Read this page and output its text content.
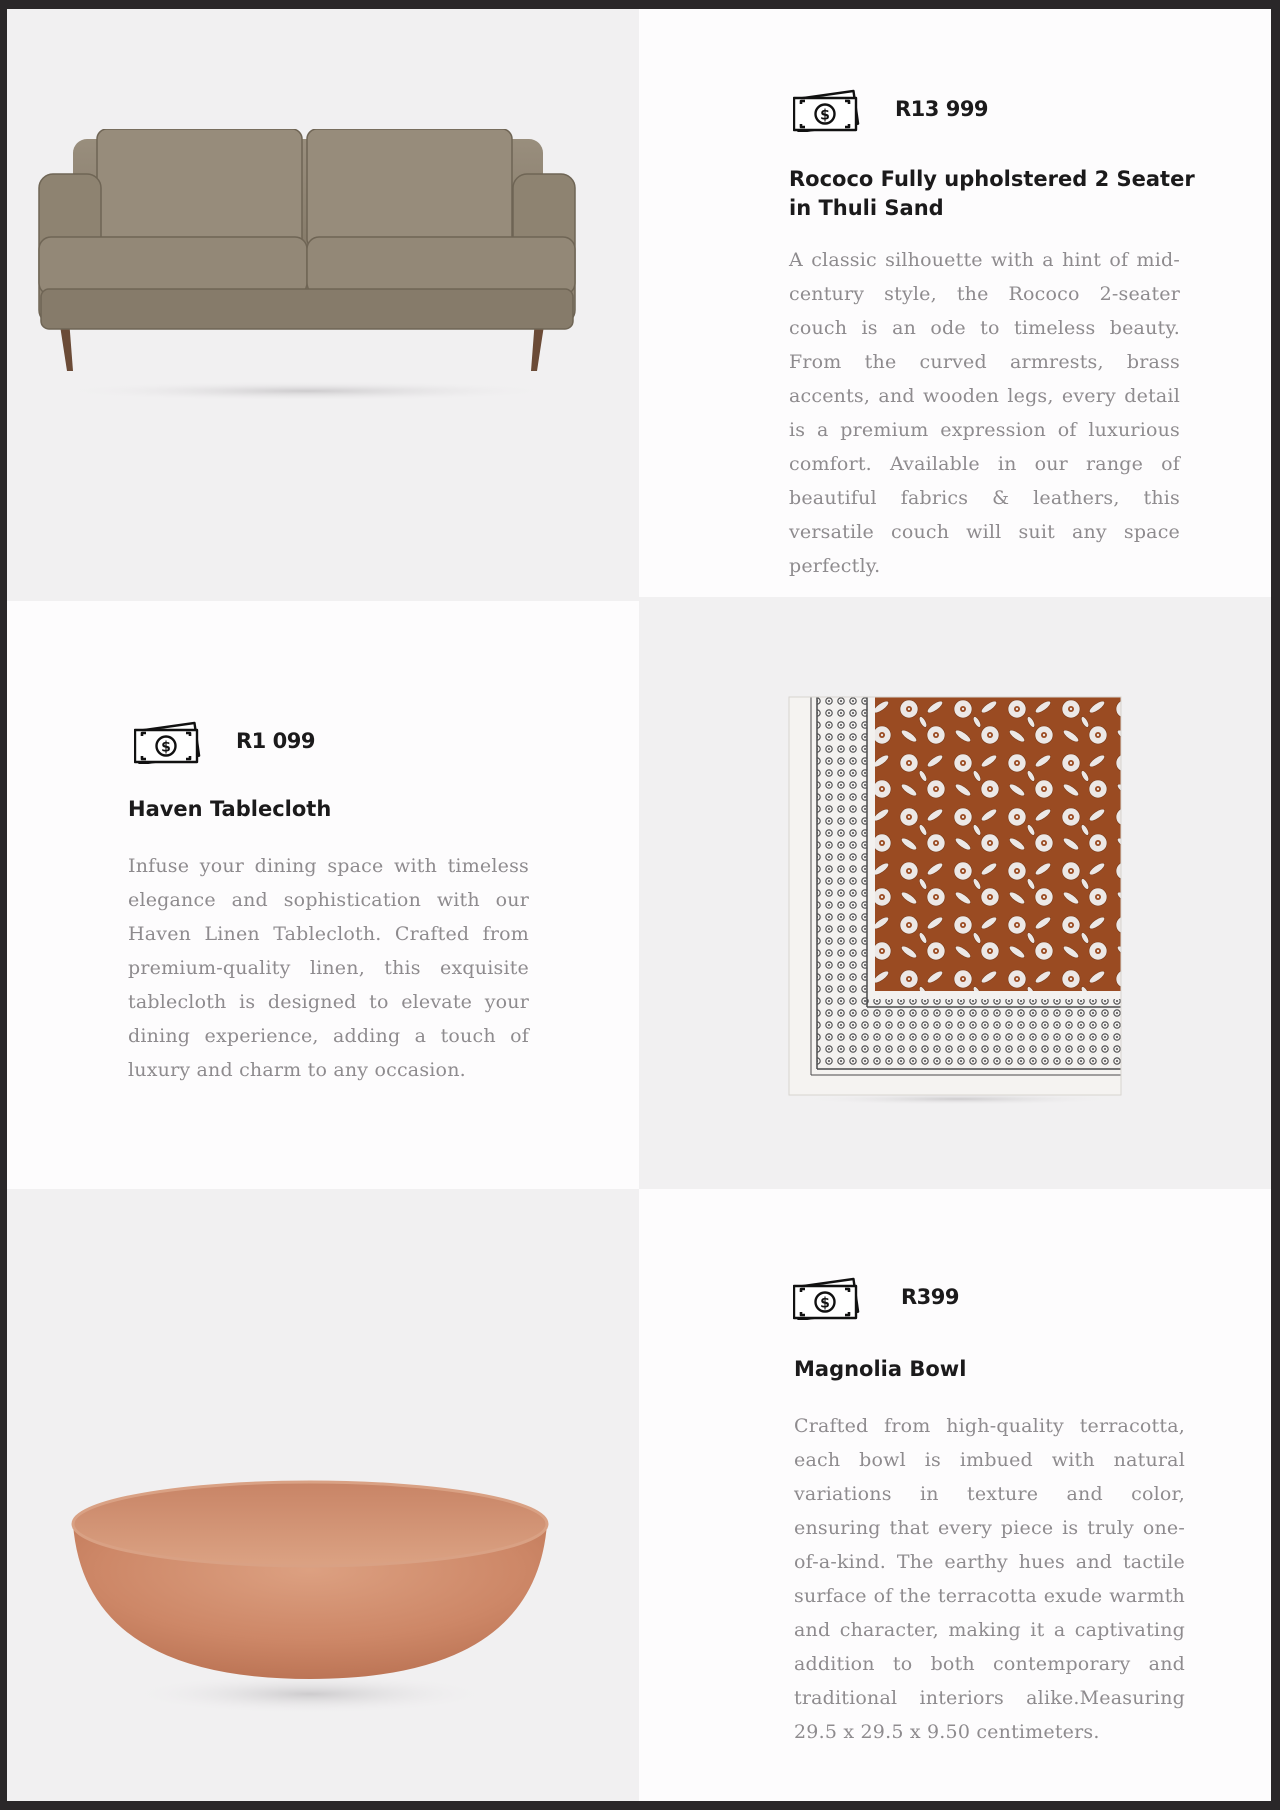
R13 999
Rococo Fully upholstered 2 Seater in Thuli Sand

A classic silhouette with a hint of mid-century style, the Rococo 2-seater couch is an ode to timeless beauty. From the curved armrests, brass accents, and wooden legs, every detail is a premium expression of luxurious comfort. Available in our range of beautiful fabrics & leathers, this versatile couch will suit any space perfectly.

R1 099
Haven Tablecloth

Infuse your dining space with timeless elegance and sophistication with our Haven Linen Tablecloth. Crafted from premium-quality linen, this exquisite tablecloth is designed to elevate your dining experience, adding a touch of luxury and charm to any occasion.

R399
Magnolia Bowl

Crafted from high-quality terracotta, each bowl is imbued with natural variations in texture and color, ensuring that every piece is truly one-of-a-kind. The earthy hues and tactile surface of the terracotta exude warmth and character, making it a captivating addition to both contemporary and traditional interiors alike.Measuring 29.5 x 29.5 x 9.50 centimeters.
